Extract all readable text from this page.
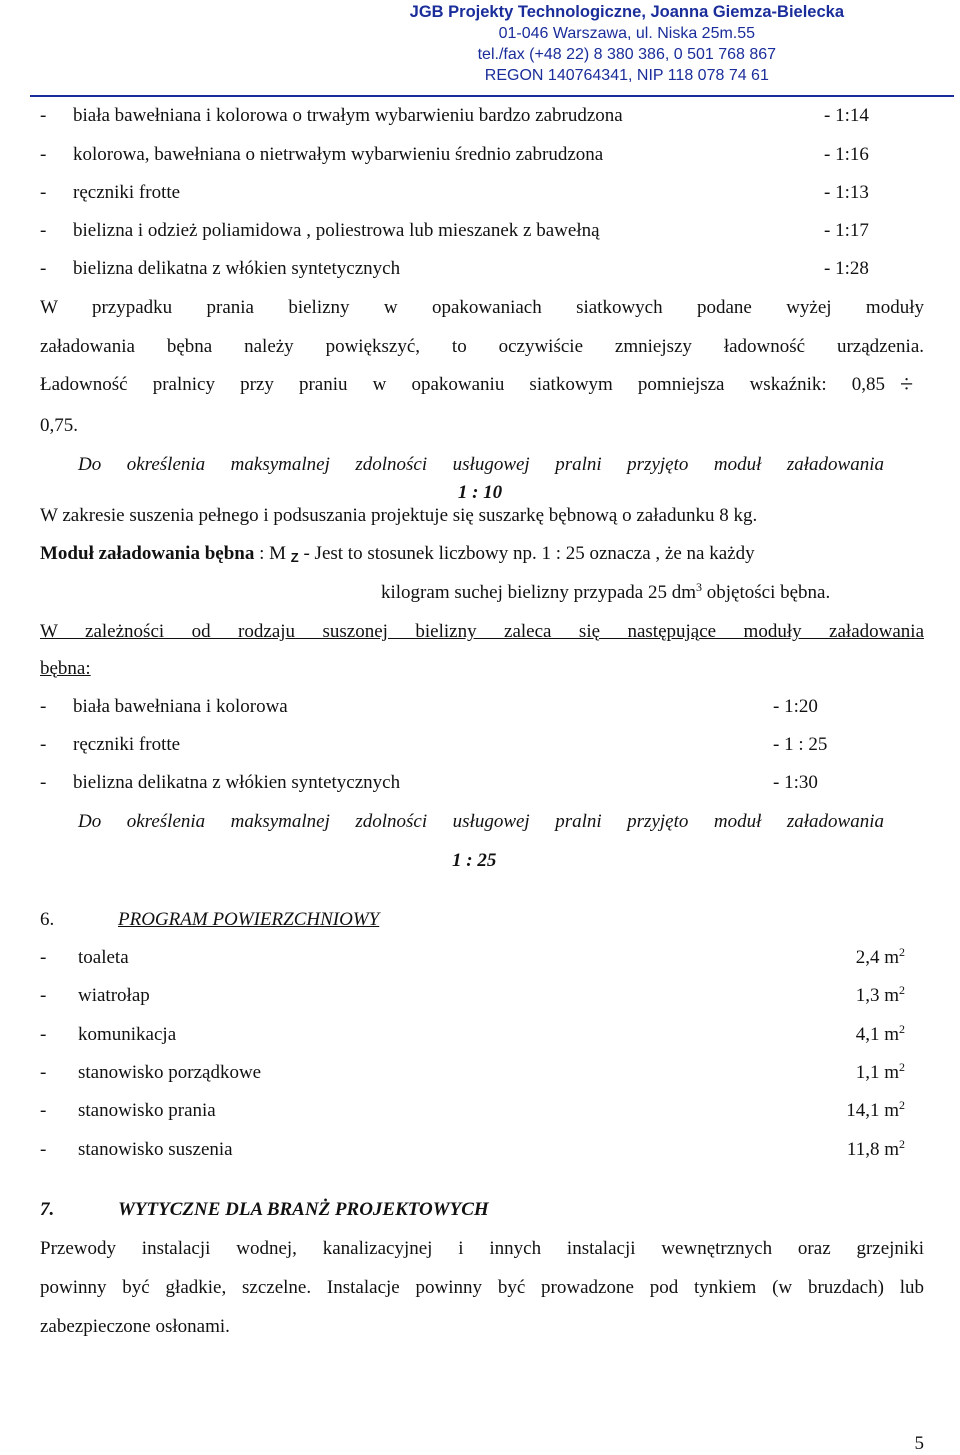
JGB Projekty Technologiczne, Joanna Giemza-Bielecka
01-046 Warszawa, ul. Niska 25m.55
tel./fax (+48 22) 8 380 386, 0 501 768 867
REGON 140764341, NIP 118 078 74 61
- biała bawełniana i kolorowa o trwałym wybarwieniu bardzo zabrudzona	- 1:14
- kolorowa, bawełniana o nietrwałym wybarwieniu średnio zabrudzona	- 1:16
- ręczniki frotte	- 1:13
- bielizna i odzież poliamidowa , poliestrowa lub mieszanek z bawełną	- 1:17
- bielizna delikatna z włókien syntetycznych	- 1:28
W przypadku prania bielizny w opakowaniach siatkowych podane wyżej moduły
załadowania bębna należy powiększyć, to oczywiście zmniejszy ładowność urządzenia.
Ładowność pralnicy przy praniu w opakowaniu siatkowym pomniejsza wskaźnik: 0,85 ÷
0,75.
Do określenia maksymalnej zdolności usługowej pralni przyjęto moduł załadowania
1 : 10
W zakresie suszenia pełnego i podsuszania projektuje się suszarkę bębnową o załadunku 8 kg.
Moduł załadowania bębna : M Z - Jest to stosunek liczbowy np. 1 : 25 oznacza , że na każdy
kilogram suchej bielizny przypada 25 $dm^3$ objętości bębna.
W zależności od rodzaju suszonej bielizny zaleca się następujące moduły załadowania
bębna:
- biała bawełniana i kolorowa	- 1:20
- ręczniki frotte	- 1 : 25
- bielizna delikatna z włókien syntetycznych	- 1:30
Do określenia maksymalnej zdolności usługowej pralni przyjęto moduł załadowania
1 : 25
6.	PROGRAM POWIERZCHNIOWY
- toaleta	2,4 $m^2$
- wiatrołap	1,3 $m^2$
- komunikacja	4,1 $m^2$
- stanowisko porządkowe	1,1 $m^2$
- stanowisko prania	14,1 $m^2$
- stanowisko suszenia	11,8 $m^2$
7.	WYTYCZNE DLA BRANŻ PROJEKTOWYCH
Przewody instalacji wodnej, kanalizacyjnej i innych instalacji wewnętrznych oraz grzejniki
powinny być gładkie, szczelne. Instalacje powinny być prowadzone pod tynkiem (w bruzdach) lub
zabezpieczone osłonami.
5
